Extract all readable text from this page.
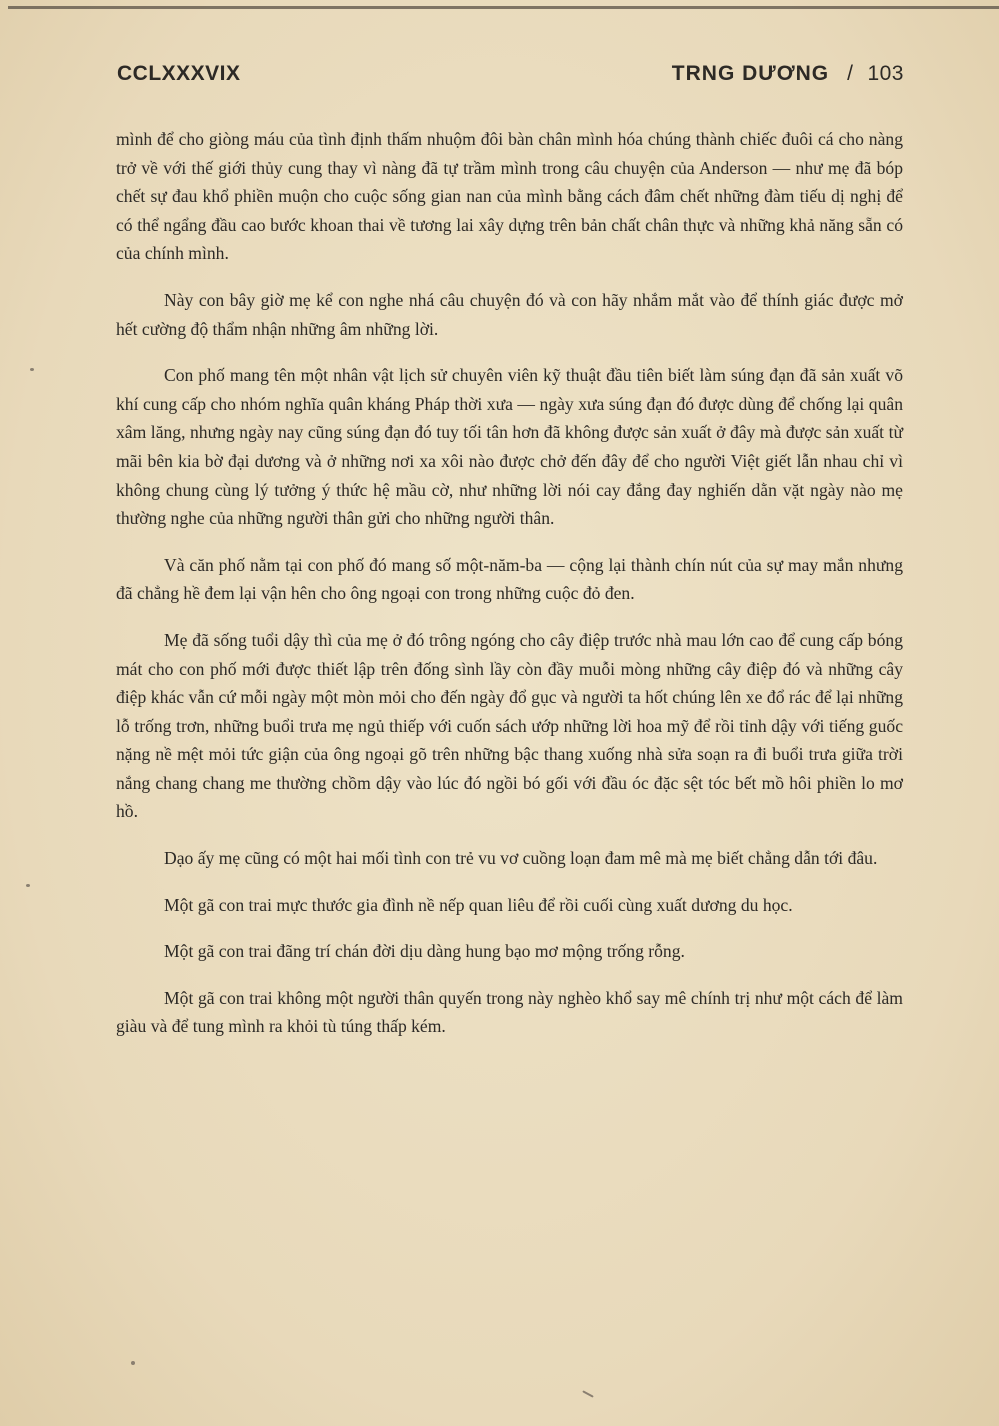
CCLXXXVIX	TRNG DƯƠNG / 103

mình để cho giòng máu của tình định thấm nhuộm đôi bàn chân mình hóa chúng thành chiếc đuôi cá cho nàng trở về với thế giới thủy cung thay vì nàng đã tự trầm mình trong câu chuyện của Anderson — như mẹ đã bóp chết sự đau khổ phiền muộn cho cuộc sống gian nan của mình bằng cách đâm chết những đàm tiếu dị nghị để có thể ngẩng đầu cao bước khoan thai về tương lai xây dựng trên bản chất chân thực và những khả năng sẵn có của chính mình.

Này con bây giờ mẹ kể con nghe nhá câu chuyện đó và con hãy nhắm mắt vào để thính giác được mở hết cường độ thẩm nhận những âm những lời.

Con phố mang tên một nhân vật lịch sử chuyên viên kỹ thuật đầu tiên biết làm súng đạn đã sản xuất võ khí cung cấp cho nhóm nghĩa quân kháng Pháp thời xưa — ngày xưa súng đạn đó được dùng để chống lại quân xâm lăng, nhưng ngày nay cũng súng đạn đó tuy tối tân hơn đã không được sản xuất ở đây mà được sản xuất từ mãi bên kia bờ đại dương và ở những nơi xa xôi nào được chở đến đây để cho người Việt giết lẫn nhau chỉ vì không chung cùng lý tưởng ý thức hệ mầu cờ, như những lời nói cay đắng đay nghiến dằn vặt ngày nào mẹ thường nghe của những người thân gửi cho những người thân.

Và căn phố nằm tại con phố đó mang số một-năm-ba — cộng lại thành chín nút của sự may mắn nhưng đã chẳng hề đem lại vận hên cho ông ngoại con trong những cuộc đỏ đen.

Mẹ đã sống tuổi dậy thì của mẹ ở đó trông ngóng cho cây điệp trước nhà mau lớn cao để cung cấp bóng mát cho con phố mới được thiết lập trên đống sình lầy còn đầy muỗi mòng những cây điệp đó và những cây điệp khác vẫn cứ mỗi ngày một mòn mỏi cho đến ngày đổ gục và người ta hốt chúng lên xe đổ rác để lại những lỗ trống trơn, những buổi trưa mẹ ngủ thiếp với cuốn sách ướp những lời hoa mỹ để rồi tỉnh dậy với tiếng guốc nặng nề mệt mỏi tức giận của ông ngoại gõ trên những bậc thang xuống nhà sửa soạn ra đi buổi trưa giữa trời nắng chang chang me thường chồm dậy vào lúc đó ngồi bó gối với đầu óc đặc sệt tóc bết mồ hôi phiền lo mơ hồ.

Dạo ấy mẹ cũng có một hai mối tình con trẻ vu vơ cuồng loạn đam mê mà mẹ biết chẳng dẫn tới đâu.

Một gã con trai mực thước gia đình nề nếp quan liêu để rồi cuối cùng xuất dương du học.

Một gã con trai đãng trí chán đời dịu dàng hung bạo mơ mộng trống rỗng.

Một gã con trai không một người thân quyến trong này nghèo khổ say mê chính trị như một cách để làm giàu và để tung mình ra khỏi tù túng thấp kém.
